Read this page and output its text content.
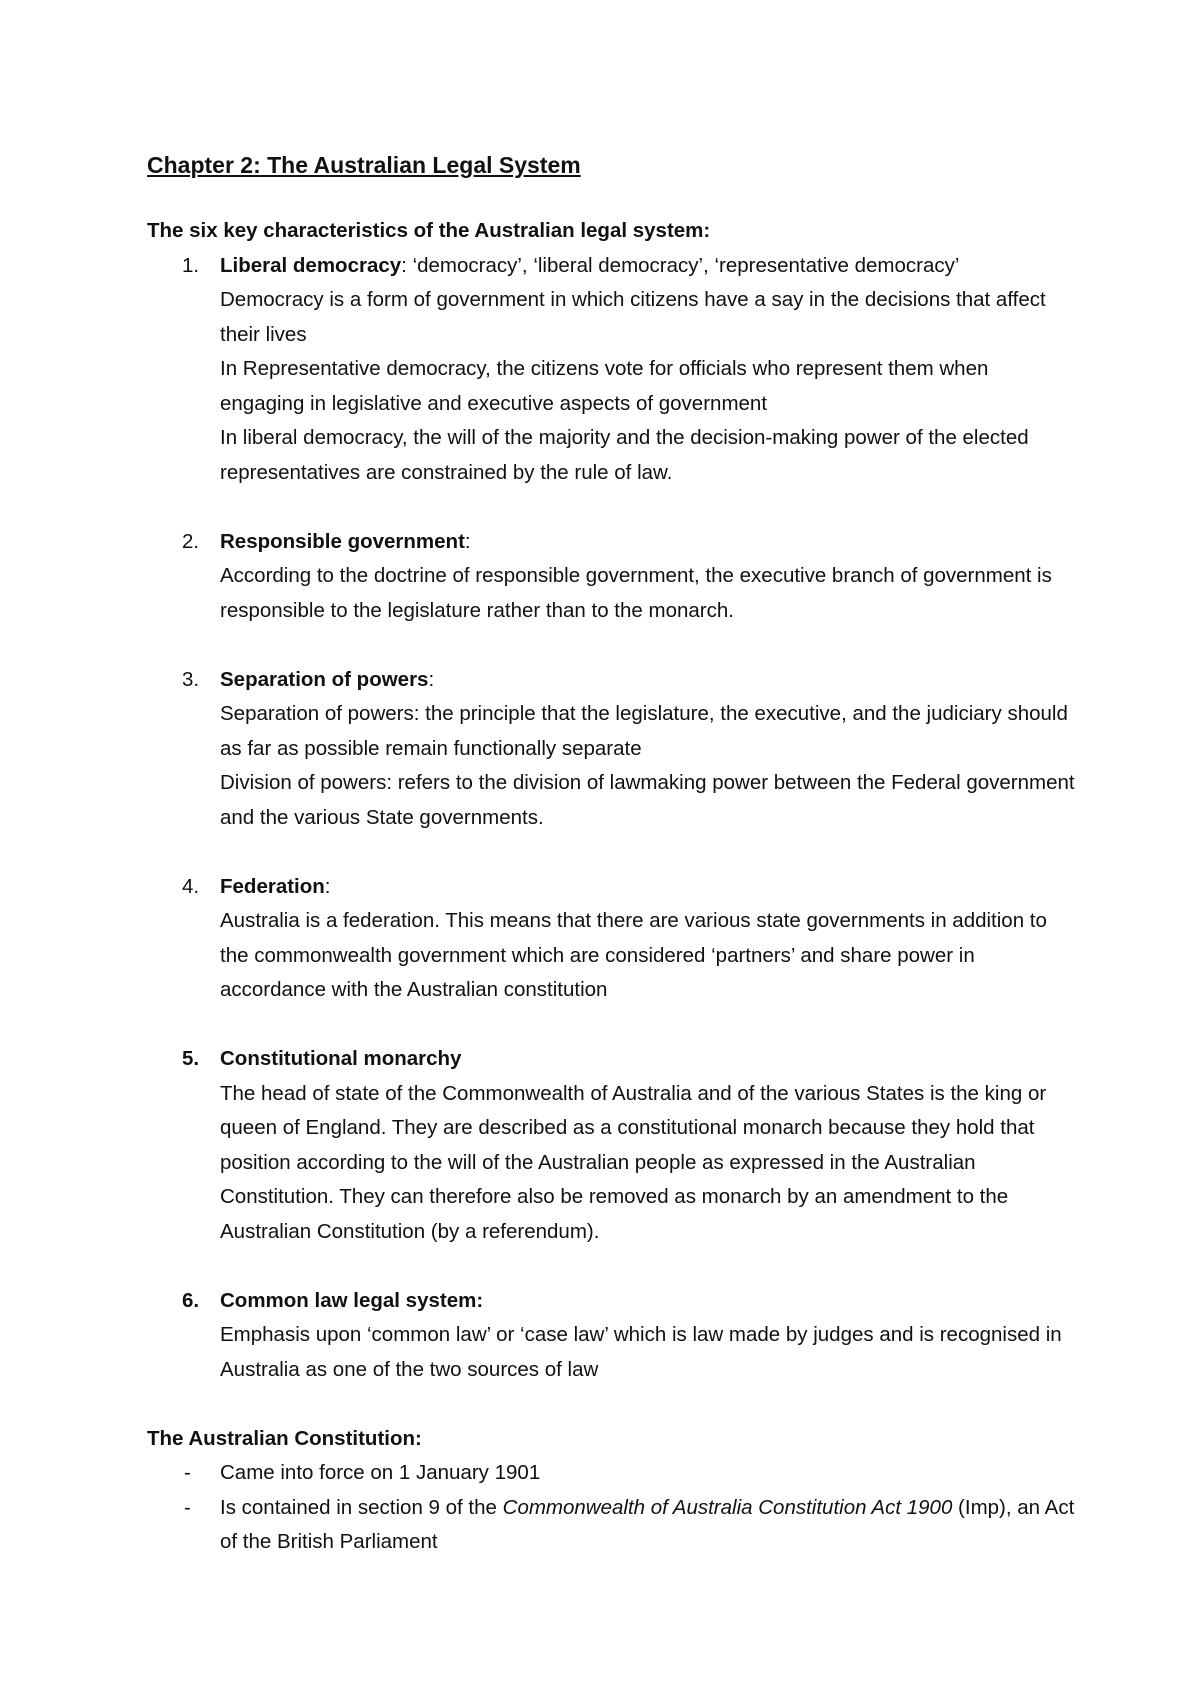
Chapter 2: The Australian Legal System
The six key characteristics of the Australian legal system:
1.	Liberal democracy: ‘democracy’, ‘liberal democracy’, ‘representative democracy’
Democracy is a form of government in which citizens have a say in the decisions that affect their lives
In Representative democracy, the citizens vote for officials who represent them when engaging in legislative and executive aspects of government
In liberal democracy, the will of the majority and the decision-making power of the elected representatives are constrained by the rule of law.
2.	Responsible government:
According to the doctrine of responsible government, the executive branch of government is responsible to the legislature rather than to the monarch.
3.	Separation of powers:
Separation of powers: the principle that the legislature, the executive, and the judiciary should as far as possible remain functionally separate
Division of powers: refers to the division of lawmaking power between the Federal government and the various State governments.
4.	Federation:
Australia is a federation. This means that there are various state governments in addition to the commonwealth government which are considered ‘partners’ and share power in accordance with the Australian constitution
5.	Constitutional monarchy
The head of state of the Commonwealth of Australia and of the various States is the king or queen of England. They are described as a constitutional monarch because they hold that position according to the will of the Australian people as expressed in the Australian Constitution. They can therefore also be removed as monarch by an amendment to the Australian Constitution (by a referendum).
6.	Common law legal system:
Emphasis upon ‘common law’ or ‘case law’ which is law made by judges and is recognised in Australia as one of the two sources of law
The Australian Constitution:
-	Came into force on 1 January 1901
-	Is contained in section 9 of the Commonwealth of Australia Constitution Act 1900 (Imp), an Act of the British Parliament
